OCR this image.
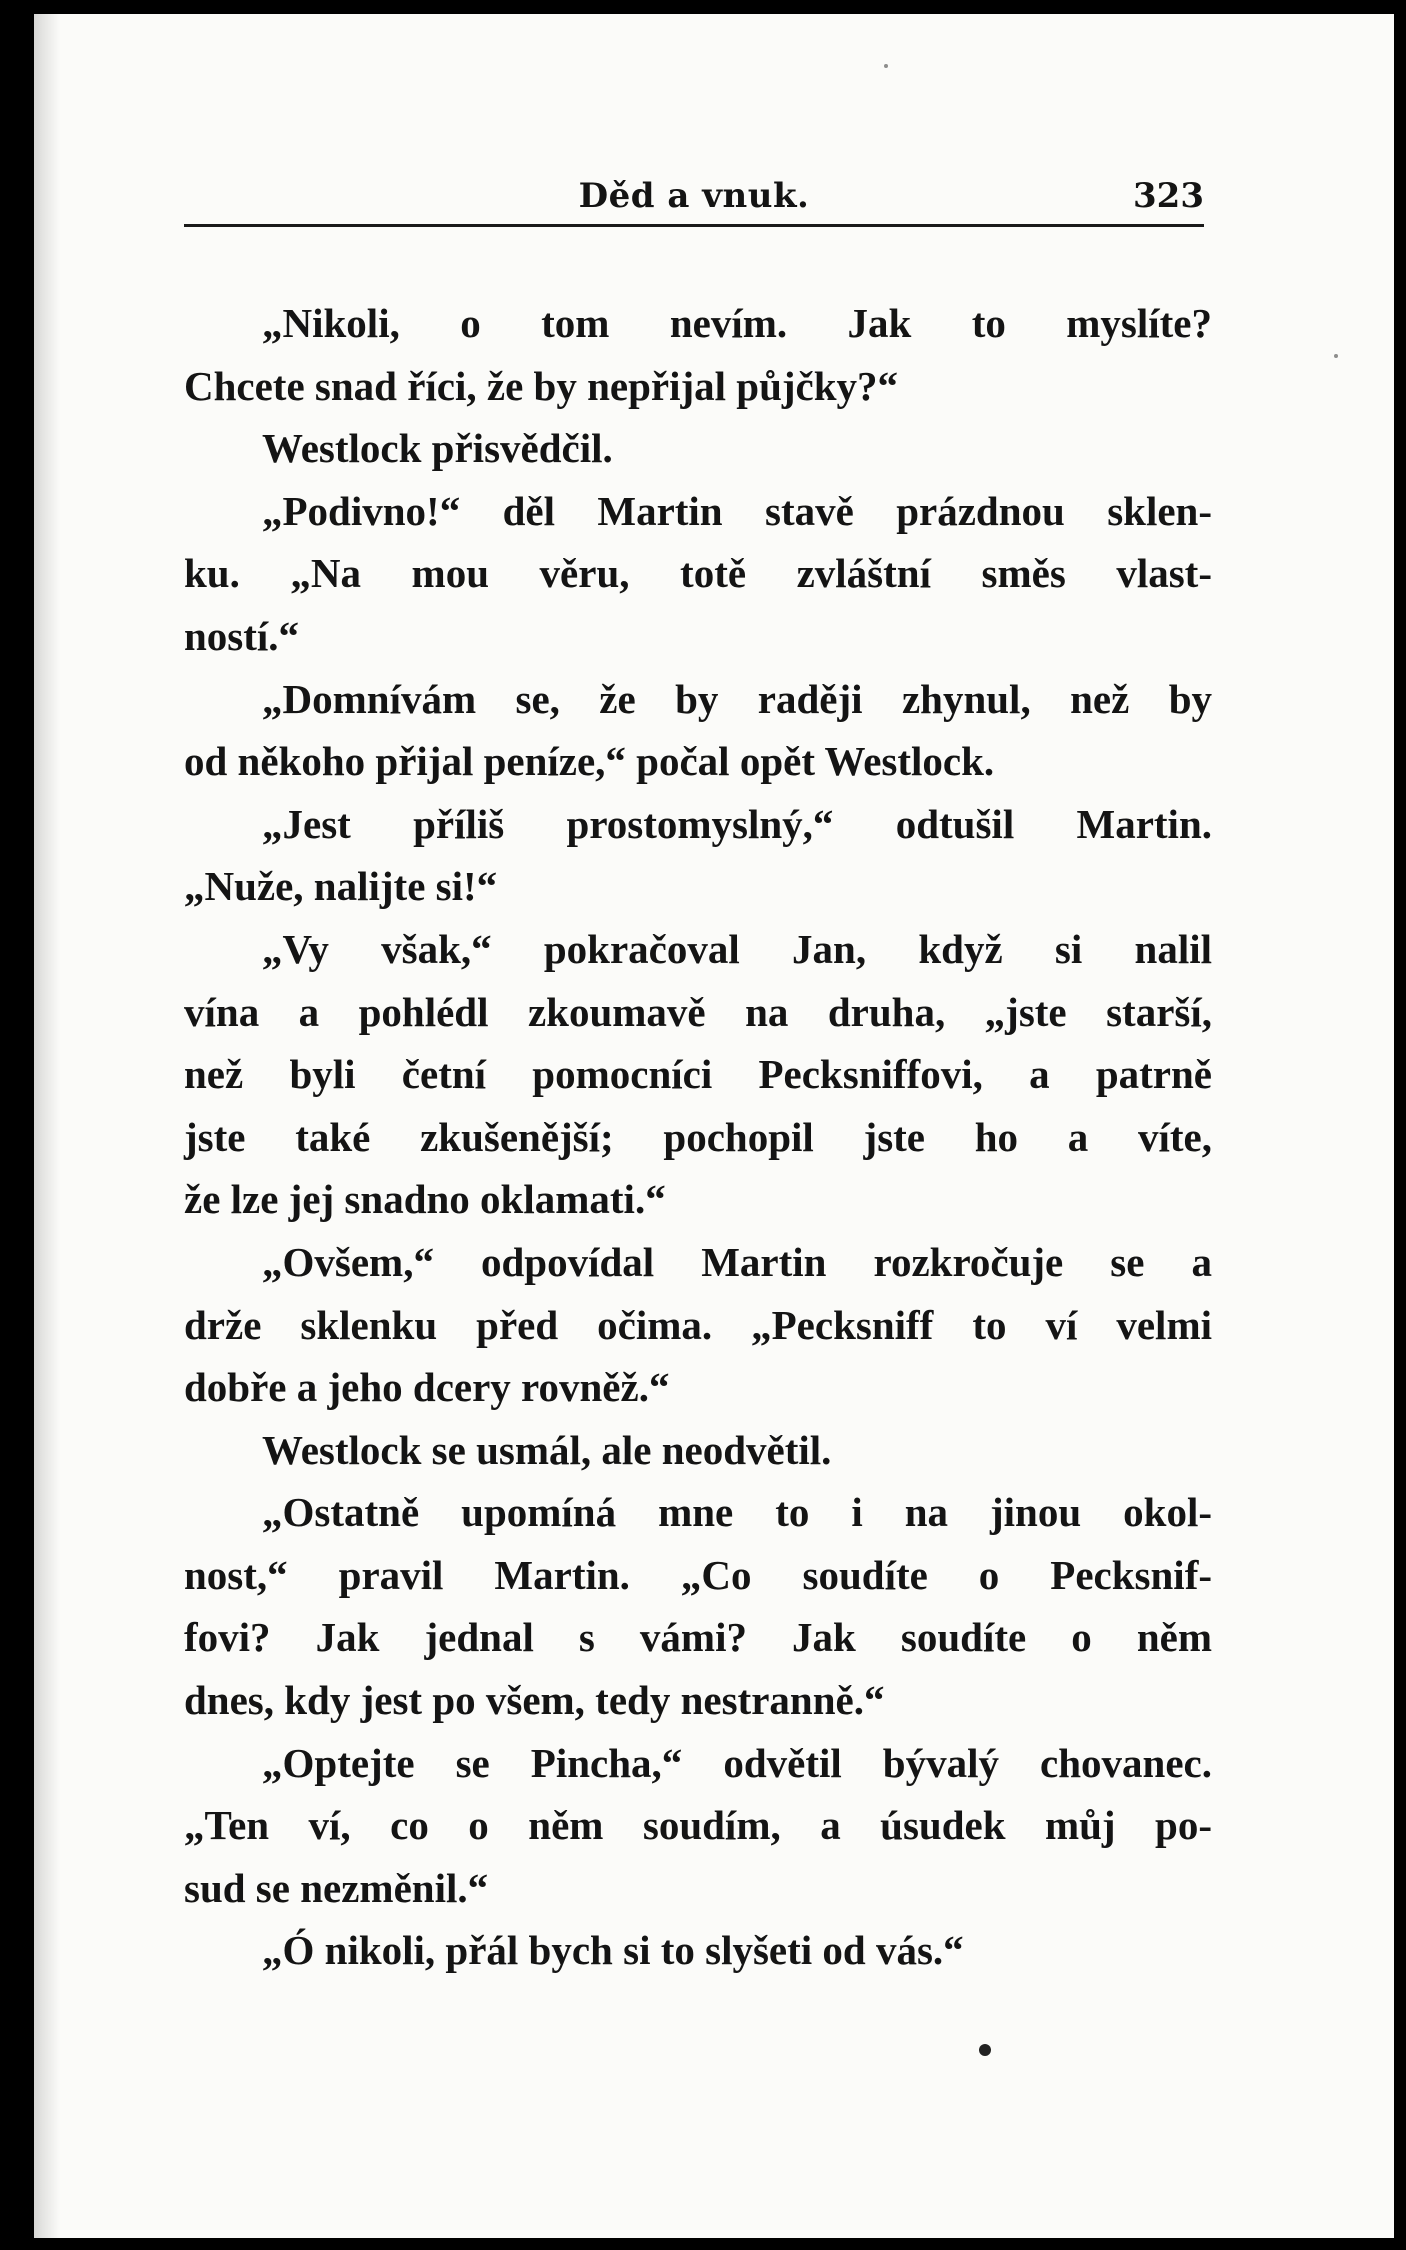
Děd a vnuk.	323

„Nikoli, o tom nevím. Jak to myslíte?
Chcete snad říci, že by nepřijal půjčky?“

Westlock přisvědčil.

„Podivno!“ děl Martin stavě prázdnou sklen-
ku. „Na mou věru, totě zvláštní směs vlast-
ností.“

„Domnívám se, že by raději zhynul, než by
od někoho přijal peníze,“ počal opět Westlock.

„Jest příliš prostomyslný,“ odtušil Martin.
„Nuže, nalijte si!“

„Vy však,“ pokračoval Jan, když si nalil
vína a pohlédl zkoumavě na druha, „jste starší,
než byli četní pomocníci Pecksniffovi, a patrně
jste také zkušenější; pochopil jste ho a víte,
že lze jej snadno oklamati.“

„Ovšem,“ odpovídal Martin rozkročuje se a
drže sklenku před očima. „Pecksniff to ví velmi
dobře a jeho dcery rovněž.“

Westlock se usmál, ale neodvětil.

„Ostatně upomíná mne to i na jinou okol-
nost,“ pravil Martin. „Co soudíte o Pecksnif-
fovi? Jak jednal s vámi? Jak soudíte o něm
dnes, kdy jest po všem, tedy nestranně.“

„Optejte se Pincha,“ odvětil bývalý chovanec.
„Ten ví, co o něm soudím, a úsudek můj po-
sud se nezměnil.“

„Ó nikoli, přál bych si to slyšeti od vás.“
